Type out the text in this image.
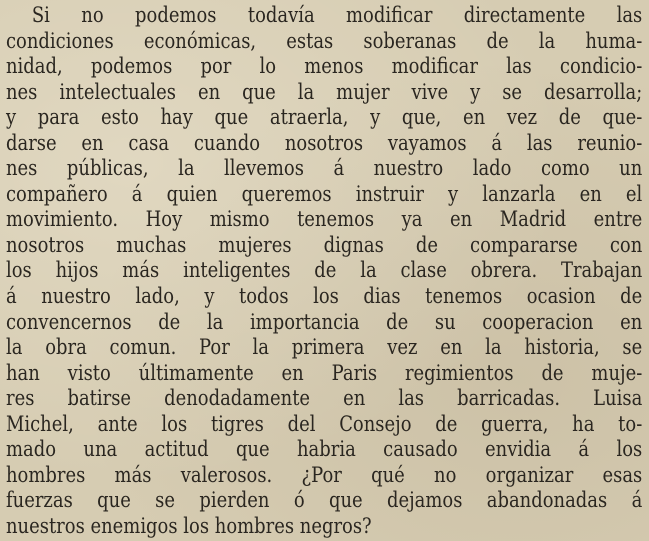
Si no podemos todavía modificar directamente las
condiciones económicas, estas soberanas de la huma-
nidad, podemos por lo menos modificar las condicio-
nes intelectuales en que la mujer vive y se desarrolla;
y para esto hay que atraerla, y que, en vez de que-
darse en casa cuando nosotros vayamos á las reunio-
nes públicas, la llevemos á nuestro lado como un
compañero á quien queremos instruir y lanzarla en el
movimiento. Hoy mismo tenemos ya en Madrid entre
nosotros muchas mujeres dignas de compararse con
los hijos más inteligentes de la clase obrera. Trabajan
á nuestro lado, y todos los dias tenemos ocasion de
convencernos de la importancia de su cooperacion en
la obra comun. Por la primera vez en la historia, se
han visto últimamente en Paris regimientos de muje-
res batirse denodadamente en las barricadas. Luisa
Michel, ante los tigres del Consejo de guerra, ha to-
mado una actitud que habria causado envidia á los
hombres más valerosos. ¿Por qué no organizar esas
fuerzas que se pierden ó que dejamos abandonadas á
nuestros enemigos los hombres negros?
